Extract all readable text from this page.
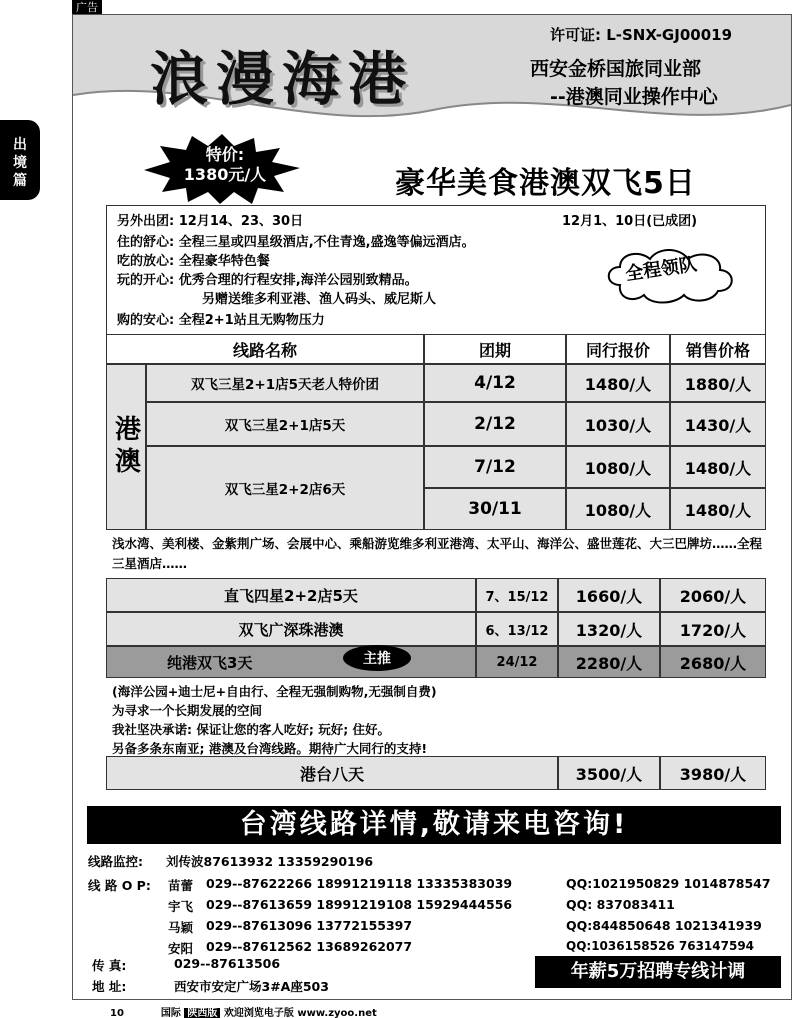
广告
出
境
篇
浪漫海港
许可证: L-SNX-GJ00019
西安金桥国旅同业部
--港澳同业操作中心
特价:
1380元/人	豪华美食港澳双飞5日
另外出团: 12月14、23、30日	12月1、10日(已成团)
住的舒心: 全程三星或四星级酒店,不住青逸,盛逸等偏远酒店。
吃的放心: 全程豪华特色餐
玩的开心: 优秀合理的行程安排,海洋公园别致精品。
另赠送维多利亚港、渔人码头、威尼斯人
购的安心: 全程2+1站且无购物压力
全程领队
线路名称	团期	同行报价	销售价格
港澳
双飞三星2+1店5天老人特价团	4/12	1480/人	1880/人
双飞三星2+1店5天	2/12	1030/人	1430/人
双飞三星2+2店6天
7/12	1080/人	1480/人
30/11	1080/人	1480/人
浅水湾、美利楼、金紫荆广场、会展中心、乘船游览维多利亚港湾、太平山、海洋公、盛世莲花、大三巴牌坊……全程三星酒店……
直飞四星2+2店5天	7、15/12	1660/人	2060/人
双飞广深珠港澳	6、13/12	1320/人	1720/人
纯港双飞3天	24/12	2280/人	2680/人
主推
(海洋公园+迪士尼+自由行、全程无强制购物,无强制自费)
为寻求一个长期发展的空间
我社坚决承诺: 保证让您的客人吃好; 玩好; 住好。
另备多条东南亚; 港澳及台湾线路。期待广大同行的支持!
港台八天	3500/人	3980/人
台湾线路详情,敬请来电咨询!
线路监控: 刘传波87613932 13359290196
线 路 O P: 苗蕾 029--87622266 18991219118 13335383039	QQ:1021950829 1014878547
宇飞 029--87613659 18991219108 15929444556	QQ: 837083411
马颖 029--87613096 13772155397	QQ:844850648 1021341939
安阳 029--87612562 13689262077	QQ:1036158526 763147594
传 真:	029--87613506
地 址:	西安市安定广场3#A座503
年薪5万招聘专线计调
10	国际 陕西版 欢迎浏览电子版 www.zyoo.net
